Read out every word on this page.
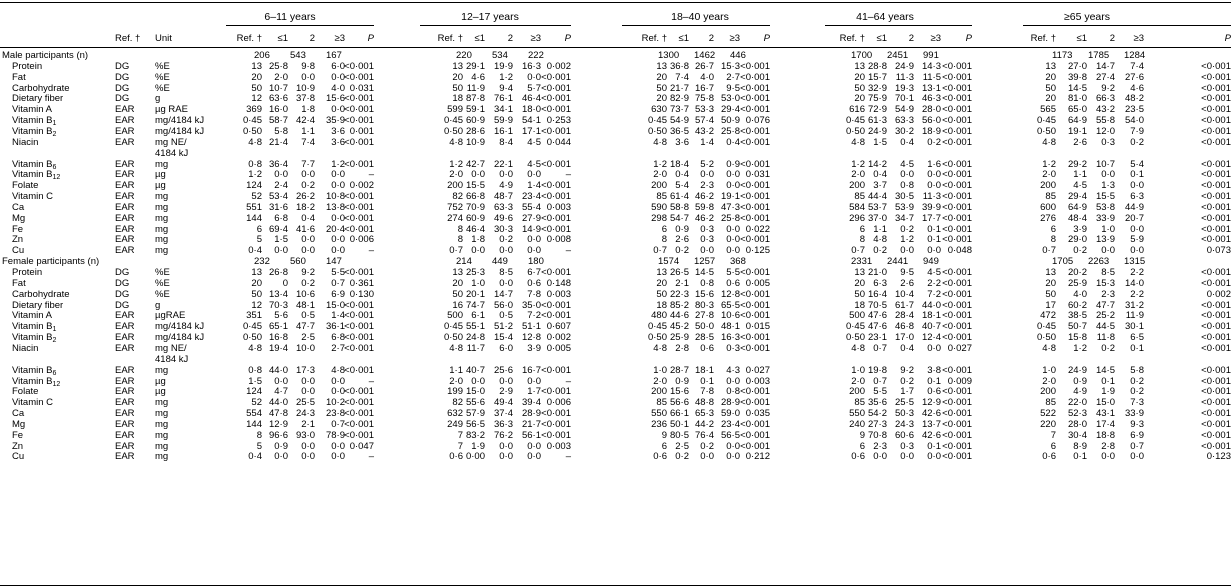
6–11 years	12–17 years	18–40 years	41–64 years	≥65 years
Ref. † Unit	Ref. † ≤1 2 ≥3 P	Ref. † ≤1 2 ≥3 P	Ref. † ≤1 2 ≥3 P	Ref. † ≤1 2 ≥3	P	Ref. † ≤1 2 ≥3	P
Male participants (n)	206 543 167	220 534 222	1300 1462 446	1700 2451 991	1173 1785 1284
Protein	DG	%E	13 25·8 9·8 6·0 <0·001	13 29·1 19·9 16·3 0·002	13 36·8 26·7 15·3 <0·001	13 28·8 24·9 14·3 <0·001	13 27·0 14·7 7·4	<0·001
Fat	DG	%E	20 2·0 0·0 0·0 <0·001	20 4·6 1·2 0·0 <0·001	20 7·4 4·0 2·7 <0·001	20 15·7 11·3 11·5 <0·001	20 39·8 27·4 27·6	<0·001
Carbohydrate	DG	%E	50 10·7 10·9 4·0 0·031	50 11·9 9·4 5·7 <0·001	50 21·7 16·7 9·5 <0·001	50 32·9 19·3 13·1 <0·001	50 14·5 9·2 4·6	<0·001
Dietary fiber	DG	g	12 63·6 37·8 15·6 <0·001	18 87·8 76·1 46·4 <0·001	20 82·9 75·8 53·0 <0·001	20 75·9 70·1 46·3 <0·001	20 81·0 66·3 48·2	<0·001
Vitamin A	EAR µg RAE	369 16·0 1·8 0·0 <0·001	599 59·1 34·1 18·0 <0·001	630 73·7 53·3 29·4 <0·001	616 72·9 54·9 28·0 <0·001	565 65·0 43·2 23·5	<0·001
Vitamin $B_1$	EAR mg/4184 kJ	0·45 58·7 42·4 35·9 <0·001	0·45 60·9 59·9 54·1 0·253	0·45 54·9 57·4 50·9 0·076	0·45 61·3 63·3 56·0 <0·001	0·45 64·9 55·8 54·0	<0·001
Vitamin $B_2$	EAR mg/4184 kJ	0·50 5·8 1·1 3·6 0·001	0·50 28·6 16·1 17·1 <0·001	0·50 36·5 43·2 25·8 <0·001	0·50 24·9 30·2 18·9 <0·001	0·50 19·1 12·0 7·9	<0·001
Niacin	EAR mg NE/	4·8 21·4 7·4 3·6 <0·001	4·8 10·9 8·4 4·5 0·044	4·8 3·6 1·4 0·4 <0·001	4·8 1·5 0·4 0·2 <0·001	4·8 2·6 0·3 0·2	<0·001
4184 kJ
Vitamin $B_6$	EAR mg	0·8 36·4 7·7 1·2 <0·001	1·2 42·7 22·1 4·5 <0·001	1·2 18·4 5·2 0·9 <0·001	1·2 14·2 4·5 1·6 <0·001	1·2 29·2 10·7 5·4	<0·001
Vitamin $B_{12}$	EAR µg	1·2 0·0 0·0 0·0 –	2·0 0·0 0·0 0·0	–	2·0 0·4 0·0 0·0 0·031	2·0 0·4 0·0 0·0 <0·001	2·0 1·1 0·0 0·1	<0·001
Folate	EAR µg	124 2·4 0·2 0·0 0·002	200 15·5 4·9 1·4 <0·001	200 5·4 2·3 0·0 <0·001	200 3·7 0·8 0·0 <0·001	200 4·5 1·3 0·0	<0·001
Vitamin C	EAR mg	52 53·4 26·2 10·8 <0·001	82 66·8 48·7 23·4 <0·001	85 61·4 46·2 19·1 <0·001	85 44·4 30·5 11·3 <0·001	85 29·4 15·5 6·3	<0·001
Ca	EAR mg	551 31·6 18·2 13·8 <0·001	752 70·9 63·3 55·4 0·003	590 58·8 59·8 47·3 <0·001	584 53·7 53·9 39·9 <0·001	600 64·9 53·8 44·9	<0·001
Mg	EAR mg	144 6·8 0·4 0·0 <0·001	274 60·9 49·6 27·9 <0·001	298 54·7 46·2 25·8 <0·001	296 37·0 34·7 17·7 <0·001	276 48·4 33·9 20·7	<0·001
Fe	EAR mg	6 69·4 41·6 20·4 <0·001	8 46·4 30·3 14·9 <0·001	6 0·9 0·3 0·0 0·022	6 1·1 0·2 0·1 <0·001	6 3·9 1·0 0·0	<0·001
Zn	EAR mg	5 1·5 0·0 0·0 0·006	8 1·8 0·2 0·0 0·008	8 2·6 0·3 0·0 <0·001	8 4·8 1·2 0·1 <0·001	8 29·0 13·9 5·9	<0·001
Cu	EAR mg	0·4 0·0 0·0 0·0 –	0·7 0·0 0·0 0·0	–	0·7 0·2 0·0 0·0 0·125	0·7 0·2 0·0 0·0 0·048	0·7 0·2 0·0 0·0	0·073
Female participants (n)	232 560 147	214 449 180	1574 1257 368	2331 2441 949	1705 2263 1315
Protein	DG	%E	13 26·8 9·2 5·5 <0·001	13 25·3 8·5 6·7 <0·001	13 26·5 14·5 5·5 <0·001	13 21·0 9·5 4·5 <0·001	13 20·2 8·5 2·2	<0·001
Fat	DG	%E	20 0 0·2 0·7 0·361	20 1·0 0·0 0·6 0·148	20 2·1 0·8 0·6 0·005	20 6·3 2·6 2·2 <0·001	20 25·9 15·3 14·0	<0·001
Carbohydrate	DG	%E	50 13·4 10·6 6·9 0·130	50 20·1 14·7 7·8 0·003	50 22·3 15·6 12·8 <0·001	50 16·4 10·4 7·2 <0·001	50 4·0 2·3 2·2	0·002
Dietary fiber	DG	g	12 70·3 48·1 15·0 <0·001	16 74·7 56·0 35·0 <0·001	18 85·2 80·3 65·5 <0·001	18 70·5 61·7 44·0 <0·001	17 60·2 47·7 31·2	<0·001
Vitamin A	EAR µgRAE	351 5·6 0·5 1·4 <0·001	500 6·1 0·5 7·2 <0·001	480 44·6 27·8 10·6 <0·001	500 47·6 28·4 18·1 <0·001	472 38·5 25·2 11·9	<0·001
Vitamin $B_1$	EAR mg/4184 kJ	0·45 65·1 47·7 36·1 <0·001	0·45 55·1 51·2 51·1 0·607	0·45 45·2 50·0 48·1 0·015	0·45 47·6 46·8 40·7 <0·001	0·45 50·7 44·5 30·1	<0·001
Vitamin $B_2$	EAR mg/4184 kJ	0·50 16·8 2·5 6·8 <0·001	0·50 24·8 15·4 12·8 0·002	0·50 25·9 28·5 16·3 <0·001	0·50 23·1 17·0 12·4 <0·001	0·50 15·8 11·8 6·5	<0·001
Niacin	EAR mg NE/	4·8 19·4 10·0 2·7 <0·001	4·8 11·7 6·0 3·9 0·005	4·8 2·8 0·6 0·3 <0·001	4·8 0·7 0·4 0·0 0·027	4·8 1·2 0·2 0·1	<0·001
4184 kJ
Vitamin $B_6$	EAR mg	0·8 44·0 17·3 4·8 <0·001	1·1 40·7 25·6 16·7 <0·001	1·0 28·7 18·1 4·3 0·027	1·0 19·8 9·2 3·8 <0·001	1·0 24·9 14·5 5·8	<0·001
Vitamin $B_{12}$	EAR µg	1·5 0·0 0·0 0·0 –	2·0 0·0 0·0 0·0	–	2·0 0·9 0·1 0·0 0·003	2·0 0·7 0·2 0·1 0·009	2·0 0·9 0·1 0·2	<0·001
Folate	EAR µg	124 4·7 0·0 0·0 <0·001	199 15·0 2·9 1·7 <0·001	200 15·6 7·8 0·8 <0·001	200 5·5 1·7 0·6 <0·001	200 4·9 1·9 0·2	<0·001
Vitamin C	EAR mg	52 44·0 25·5 10·2 <0·001	82 55·6 49·4 39·4 0·006	85 56·6 48·8 28·9 <0·001	85 35·6 25·5 12·9 <0·001	85 22·0 15·0 7·3	<0·001
Ca	EAR mg	554 47·8 24·3 23·8 <0·001	632 57·9 37·4 28·9 <0·001	550 66·1 65·3 59·0 0·035	550 54·2 50·3 42·6 <0·001	522 52·3 43·1 33·9	<0·001
Mg	EAR mg	144 12·9 2·1 0·7 <0·001	249 56·5 36·3 21·7 <0·001	236 50·1 44·2 23·4 <0·001	240 27·3 24·3 13·7 <0·001	220 28·0 17·4 9·3	<0·001
Fe	EAR mg	8 96·6 93·0 78·9 <0·001	7 83·2 76·2 56·1 <0·001	9 80·5 76·4 56·5 <0·001	9 70·8 60·6 42·6 <0·001	7 30·4 18·8 6·9	<0·001
Zn	EAR mg	5 0·9 0·0 0·0 0·047	7 1·9 0·0 0·0 0·003	6 2·5 0·2 0·0 <0·001	6 2·3 0·3 0·1 <0·001	6 8·9 2·8 0·7	<0·001
Cu	EAR mg	0·4 0·0 0·0 0·0 –	0·6 0·00 0·0 0·0	–	0·6 0·2 0·0 0·0 0·212	0·6 0·0 0·0 0·0 <0·001	0·6 0·1 0·0 0·0	0·123
